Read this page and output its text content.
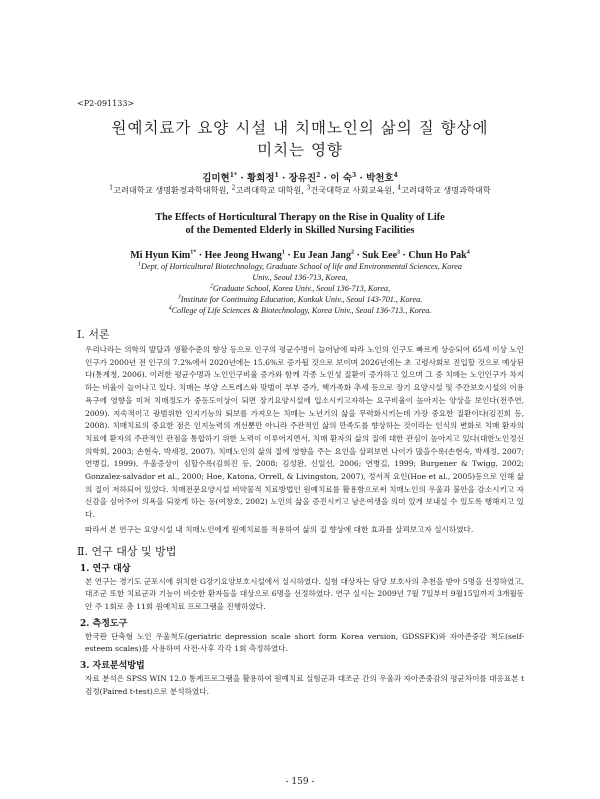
<P2-091133>
원예치료가 요양 시설 내 치매노인의 삶의 질 향상에
미치는 영향
김미현$^{1*}$ · 황희정$^1$ · 장유진$^2$ · 이 숙$^3$ · 박천호$^4$
$^1$고려대학교 생명환경과학대학원, $^2$고려대학교 대학원, $^3$건국대학교 사회교육원, $^4$고려대학교 생명과학대학
The Effects of Horticultural Therapy on the Rise in Quality of Life
of the Demented Elderly in Skilled Nursing Facilities
Mi Hyun Kim$^{1*}$ · Hee Jeong Hwang$^1$ · Eu Jean Jang$^2$ · Suk Eee$^3$ · Chun Ho Pak$^4$
$^1$Dept. of Horticultural Biotechnology, Graduate School of life and Environmental Sciences, Korea
Univ., Seoul 136-713, Korea,
$^2$Graduate School, Korea Univ., Seoul 136-713, Korea,
$^3$Institute for Continuing Education, Konkuk Univ., Seoul 143-701., Korea.
$^4$College of Life Sciences & Biotechnology, Korea Univ., Seoul 136-713., Korea.
Ⅰ. 서론
우리나라는 의학의 발달과 생활수준의 향상 등으로 인구의 평균수명이 늘어남에 따라 노인의 인구도 빠르게 상승되어 65세 이상 노인 인구가 2000년 전 인구의 7.2%에서 2020년에는 15.6%로 증가될 것으로 보이며 2026년에는 초 고령사회로 진입할 것으로 예상된다(통계청, 2006). 이러한 평균수명과 노인인구비율 증가와 함께 각종 노인성 질환이 증가하고 있으며 그 중 치매는 노인인구가 차지하는 비율이 늘어나고 있다. 치매는 부양 스트레스와 맞벌이 부부 증가, 핵가족화 추세 등으로 장기 요양시설 및 주간보호시설의 이용 욕구에 영향을 미쳐 치매정도가 중등도이상이 되면 장기요양시설에 입소시키고자하는 요구비율이 높아지는 양상을 보인다(전주연, 2009). 지속적이고 광범위한 인지기능의 퇴보를 가져오는 치매는 노년기의 삶을 무력화시키는데 가장 중요한 질환이다(김진희 등, 2008). 치매치료의 중요한 점은 인지능력의 개선뿐만 아니라 주관적인 삶의 만족도를 향상하는 것이라는 인식의 변화로 치매 환자의 치료에 환자의 주관적인 관점을 통합하기 위한 노력이 이루어지면서, 치매 환자의 삶의 질에 대한 관심이 높아지고 있다(대한노인정신의학회, 2003; 손현숙, 박세정, 2007). 치매노인의 삶의 질에 영향을 주는 요인을 살펴보면 나이가 많을수록(손현숙, 박세정, 2007; 연병길, 1999), 우울증상이 심할수록(김희진 등, 2008; 김성완, 신일선, 2006; 연병길, 1999; Burgener & Twigg, 2002; Gonzalez-salvador et al., 2000; Hoe, Katona, Orrell, & Livingston, 2007), 정서적 요인(Hoe et al., 2005)등으로 인해 삶의 질이 저하되어 있었다. 치매전문요양시설 비약물적 치료방법인 원예치료를 활용함으로써 치매노인의 우울과 불안을 감소시키고 자신감을 심어주어 의욕을 되찾게 하는 등(여창호, 2002) 노인의 삶을 증진시키고 남은여생을 의미 있게 보내실 수 있도록 행해지고 있다.
따라서 본 연구는 요양시설 내 치매노인에게 원예치료를 적용하여 삶의 질 향상에 대한 효과를 살펴보고자 실시하였다.
Ⅱ. 연구 대상 및 방법
1. 연구 대상
본 연구는 경기도 군포시에 위치한 G장기요양보호시설에서 실시하였다. 실험 대상자는 담당 보호사의 추천을 받아 5명을 선정하였고, 대조군 또한 치료군과 기능이 비슷한 환자들을 대상으로 6명을 선정하였다. 연구 실시는 2009년 7월 7일부터 9월15일까지 3개월동안 주 1회로 총 11회 원예치료 프로그램을 진행하였다.
2. 측정도구
한국판 단축형 노인 우울척도(geriatric depression scale short form Korea version, GDSSFK)와 자아존중감 척도(self-esteem scales)를 사용하여 사전·사후 각각 1회 측정하였다.
3. 자료분석방법
자료 분석은 SPSS WIN 12.0 통계프로그램을 활용하여 원예치료 실험군과 대조군 간의 우울과 자아존중감의 평균차이를 대응표본 t검정(Paired t-test)으로 분석하였다.
- 159 -
